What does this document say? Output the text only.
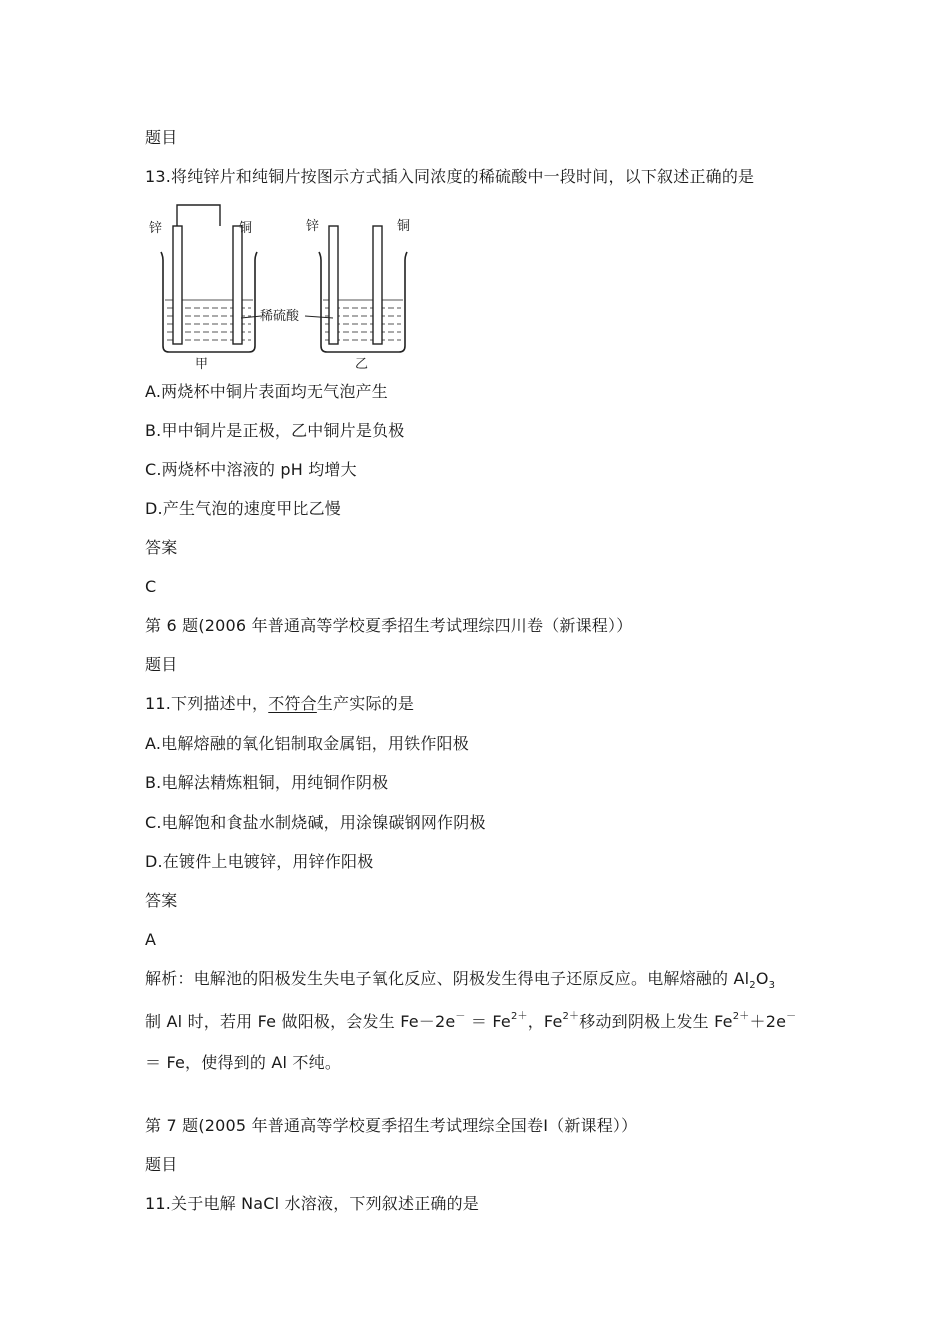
题目
13.将纯锌片和纯铜片按图示方式插入同浓度的稀硫酸中一段时间，以下叙述正确的是
锌	铜
甲
锌	铜
乙
稀硫酸
A.两烧杯中铜片表面均无气泡产生
B.甲中铜片是正极，乙中铜片是负极
C.两烧杯中溶液的 pH 均增大
D.产生气泡的速度甲比乙慢
答案
C
第 6 题(2006 年普通高等学校夏季招生考试理综四川卷（新课程））
题目
11.下列描述中，不符合生产实际的是
A.电解熔融的氧化铝制取金属铝，用铁作阳极
B.电解法精炼粗铜，用纯铜作阴极
C.电解饱和食盐水制烧碱，用涂镍碳钢网作阴极
D.在镀件上电镀锌，用锌作阳极
答案
A
解析：电解池的阳极发生失电子氧化反应、阴极发生得电子还原反应。电解熔融的 $Al_2O_3$
制 Al 时，若用 Fe 做阳极，会发生 $Fe-2e^- = Fe^{2+}$，$Fe^{2+}$移动到阴极上发生 $Fe^{2+}+2e^-$
＝ Fe，使得到的 Al 不纯。
第 7 题(2005 年普通高等学校夏季招生考试理综全国卷Ⅰ（新课程））
题目
11.关于电解 NaCl 水溶液，下列叙述正确的是
